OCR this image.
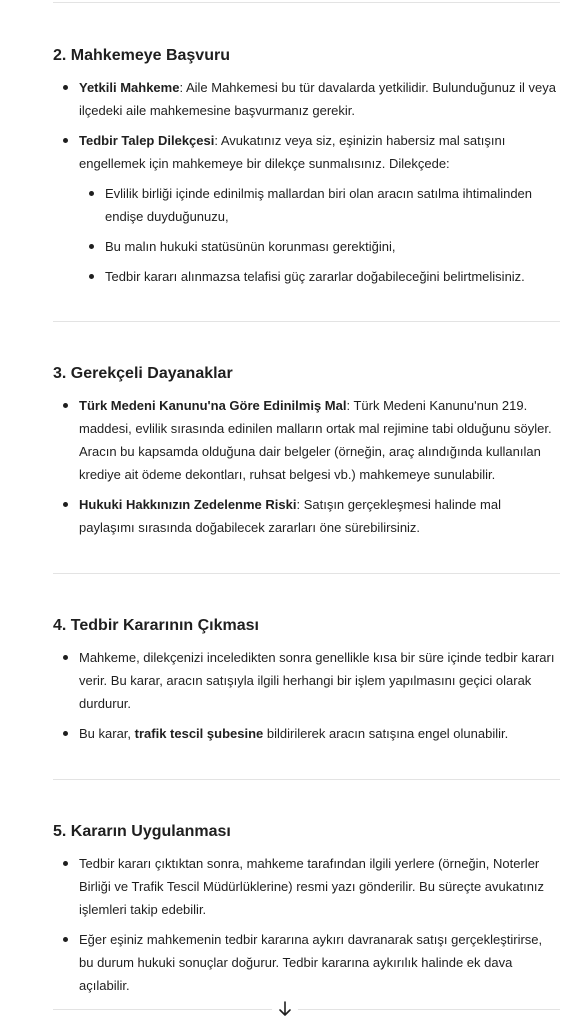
2. Mahkemeye Başvuru
Yetkili Mahkeme: Aile Mahkemesi bu tür davalarda yetkilidir. Bulunduğunuz il veya ilçedeki aile mahkemesine başvurmanız gerekir.
Tedbir Talep Dilekçesi: Avukatınız veya siz, eşinizin habersiz mal satışını engellemek için mahkemeye bir dilekçe sunmalısınız. Dilekçede:
Evlilik birliği içinde edinilmiş mallardan biri olan aracın satılma ihtimalinden endişe duyduğunuzu,
Bu malın hukuki statüsünün korunması gerektiğini,
Tedbir kararı alınmazsa telafisi güç zararlar doğabileceğini belirtmelisiniz.
3. Gerekçeli Dayanaklar
Türk Medeni Kanunu'na Göre Edinilmiş Mal: Türk Medeni Kanunu'nun 219. maddesi, evlilik sırasında edinilen malların ortak mal rejimine tabi olduğunu söyler. Aracın bu kapsamda olduğuna dair belgeler (örneğin, araç alındığında kullanılan krediye ait ödeme dekontları, ruhsat belgesi vb.) mahkemeye sunulabilir.
Hukuki Hakkınızın Zedelenme Riski: Satışın gerçekleşmesi halinde mal paylaşımı sırasında doğabilecek zararları öne sürebilirsiniz.
4. Tedbir Kararının Çıkması
Mahkeme, dilekçenizi inceledikten sonra genellikle kısa bir süre içinde tedbir kararı verir. Bu karar, aracın satışıyla ilgili herhangi bir işlem yapılmasını geçici olarak durdurur.
Bu karar, trafik tescil şubesine bildirilerek aracın satışına engel olunabilir.
5. Kararın Uygulanması
Tedbir kararı çıktıktan sonra, mahkeme tarafından ilgili yerlere (örneğin, Noterler Birliği ve Trafik Tescil Müdürlüklerine) resmi yazı gönderilir. Bu süreçte avukatınız işlemleri takip edebilir.
Eğer eşiniz mahkemenin tedbir kararına aykırı davranarak satışı gerçekleştirirse, bu durum hukuki sonuçlar doğurur. Tedbir kararına aykırılık halinde ek dava açılabilir.
